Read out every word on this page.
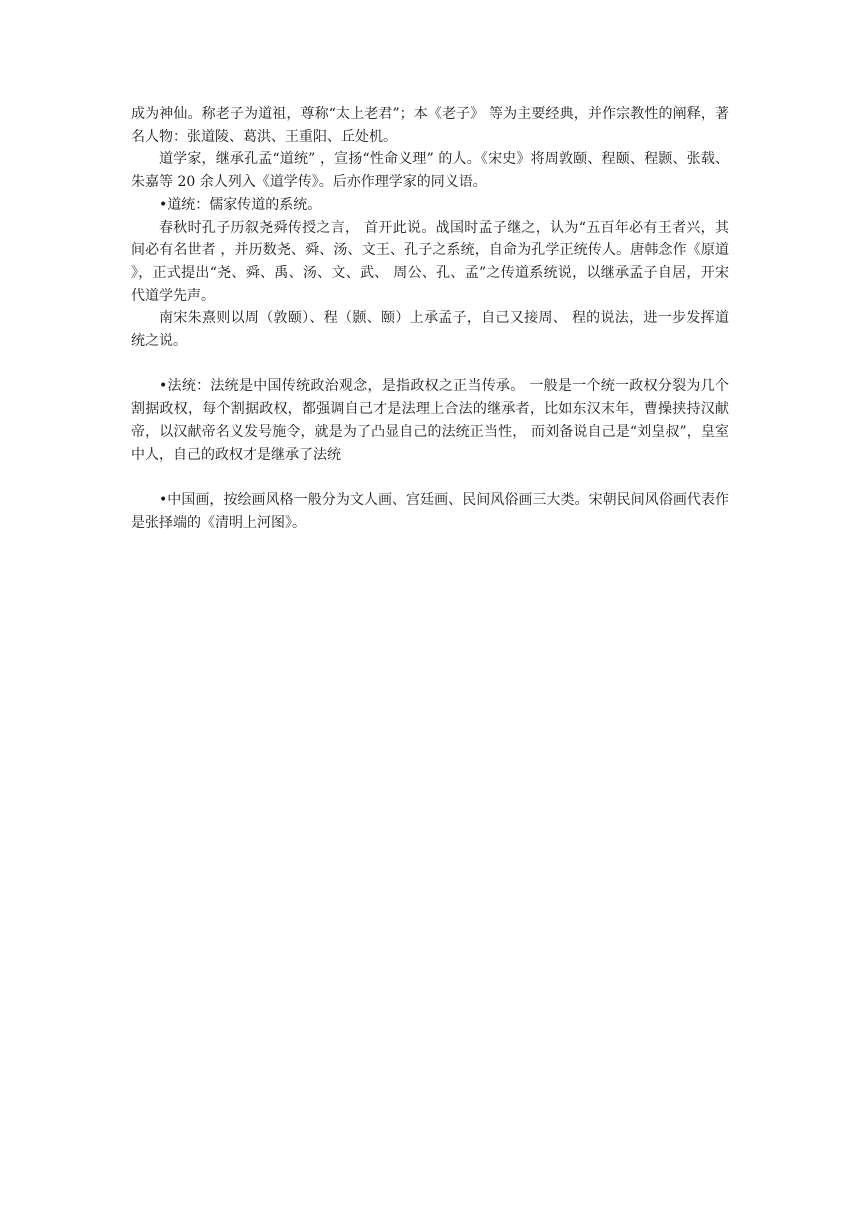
成为神仙。称老子为道祖，尊称“太上老君”；本《老子》 等为主要经典，并作宗教性的阐释，著名人物：张道陵、葛洪、王重阳、丘处机。

道学家，继承孔孟“道统” ，宣扬“性命义理” 的人。《宋史》将周敦颐、程颐、程颢、张载、朱嘉等 20 余人列入《道学传》。后亦作理学家的同义语。

•道统：儒家传道的系统。

春秋时孔子历叙尧舜传授之言， 首开此说。战国时孟子继之，认为“五百年必有王者兴，其间必有名世者 ，并历数尧、舜、汤、文王、孔子之系统，自命为孔学正统传人。唐韩念作《原道》，正式提出“尧、舜、禹、汤、文、武、 周公、孔、孟”之传道系统说，以继承孟子自居，开宋代道学先声。

南宋朱熹则以周（敦颐）、程（颢、颐）上承孟子，自己又接周、 程的说法，进一步发挥道统之说。

•法统：法统是中国传统政治观念，是指政权之正当传承。 一般是一个统一政权分裂为几个割据政权，每个割据政权，都强调自己才是法理上合法的继承者，比如东汉末年，曹操挟持汉献帝，以汉献帝名义发号施令，就是为了凸显自己的法统正当性， 而刘备说自己是“刘皇叔”，皇室中人，自己的政权才是继承了法统

•中国画，按绘画风格一般分为文人画、宫廷画、民间风俗画三大类。宋朝民间风俗画代表作是张择端的《清明上河图》。
